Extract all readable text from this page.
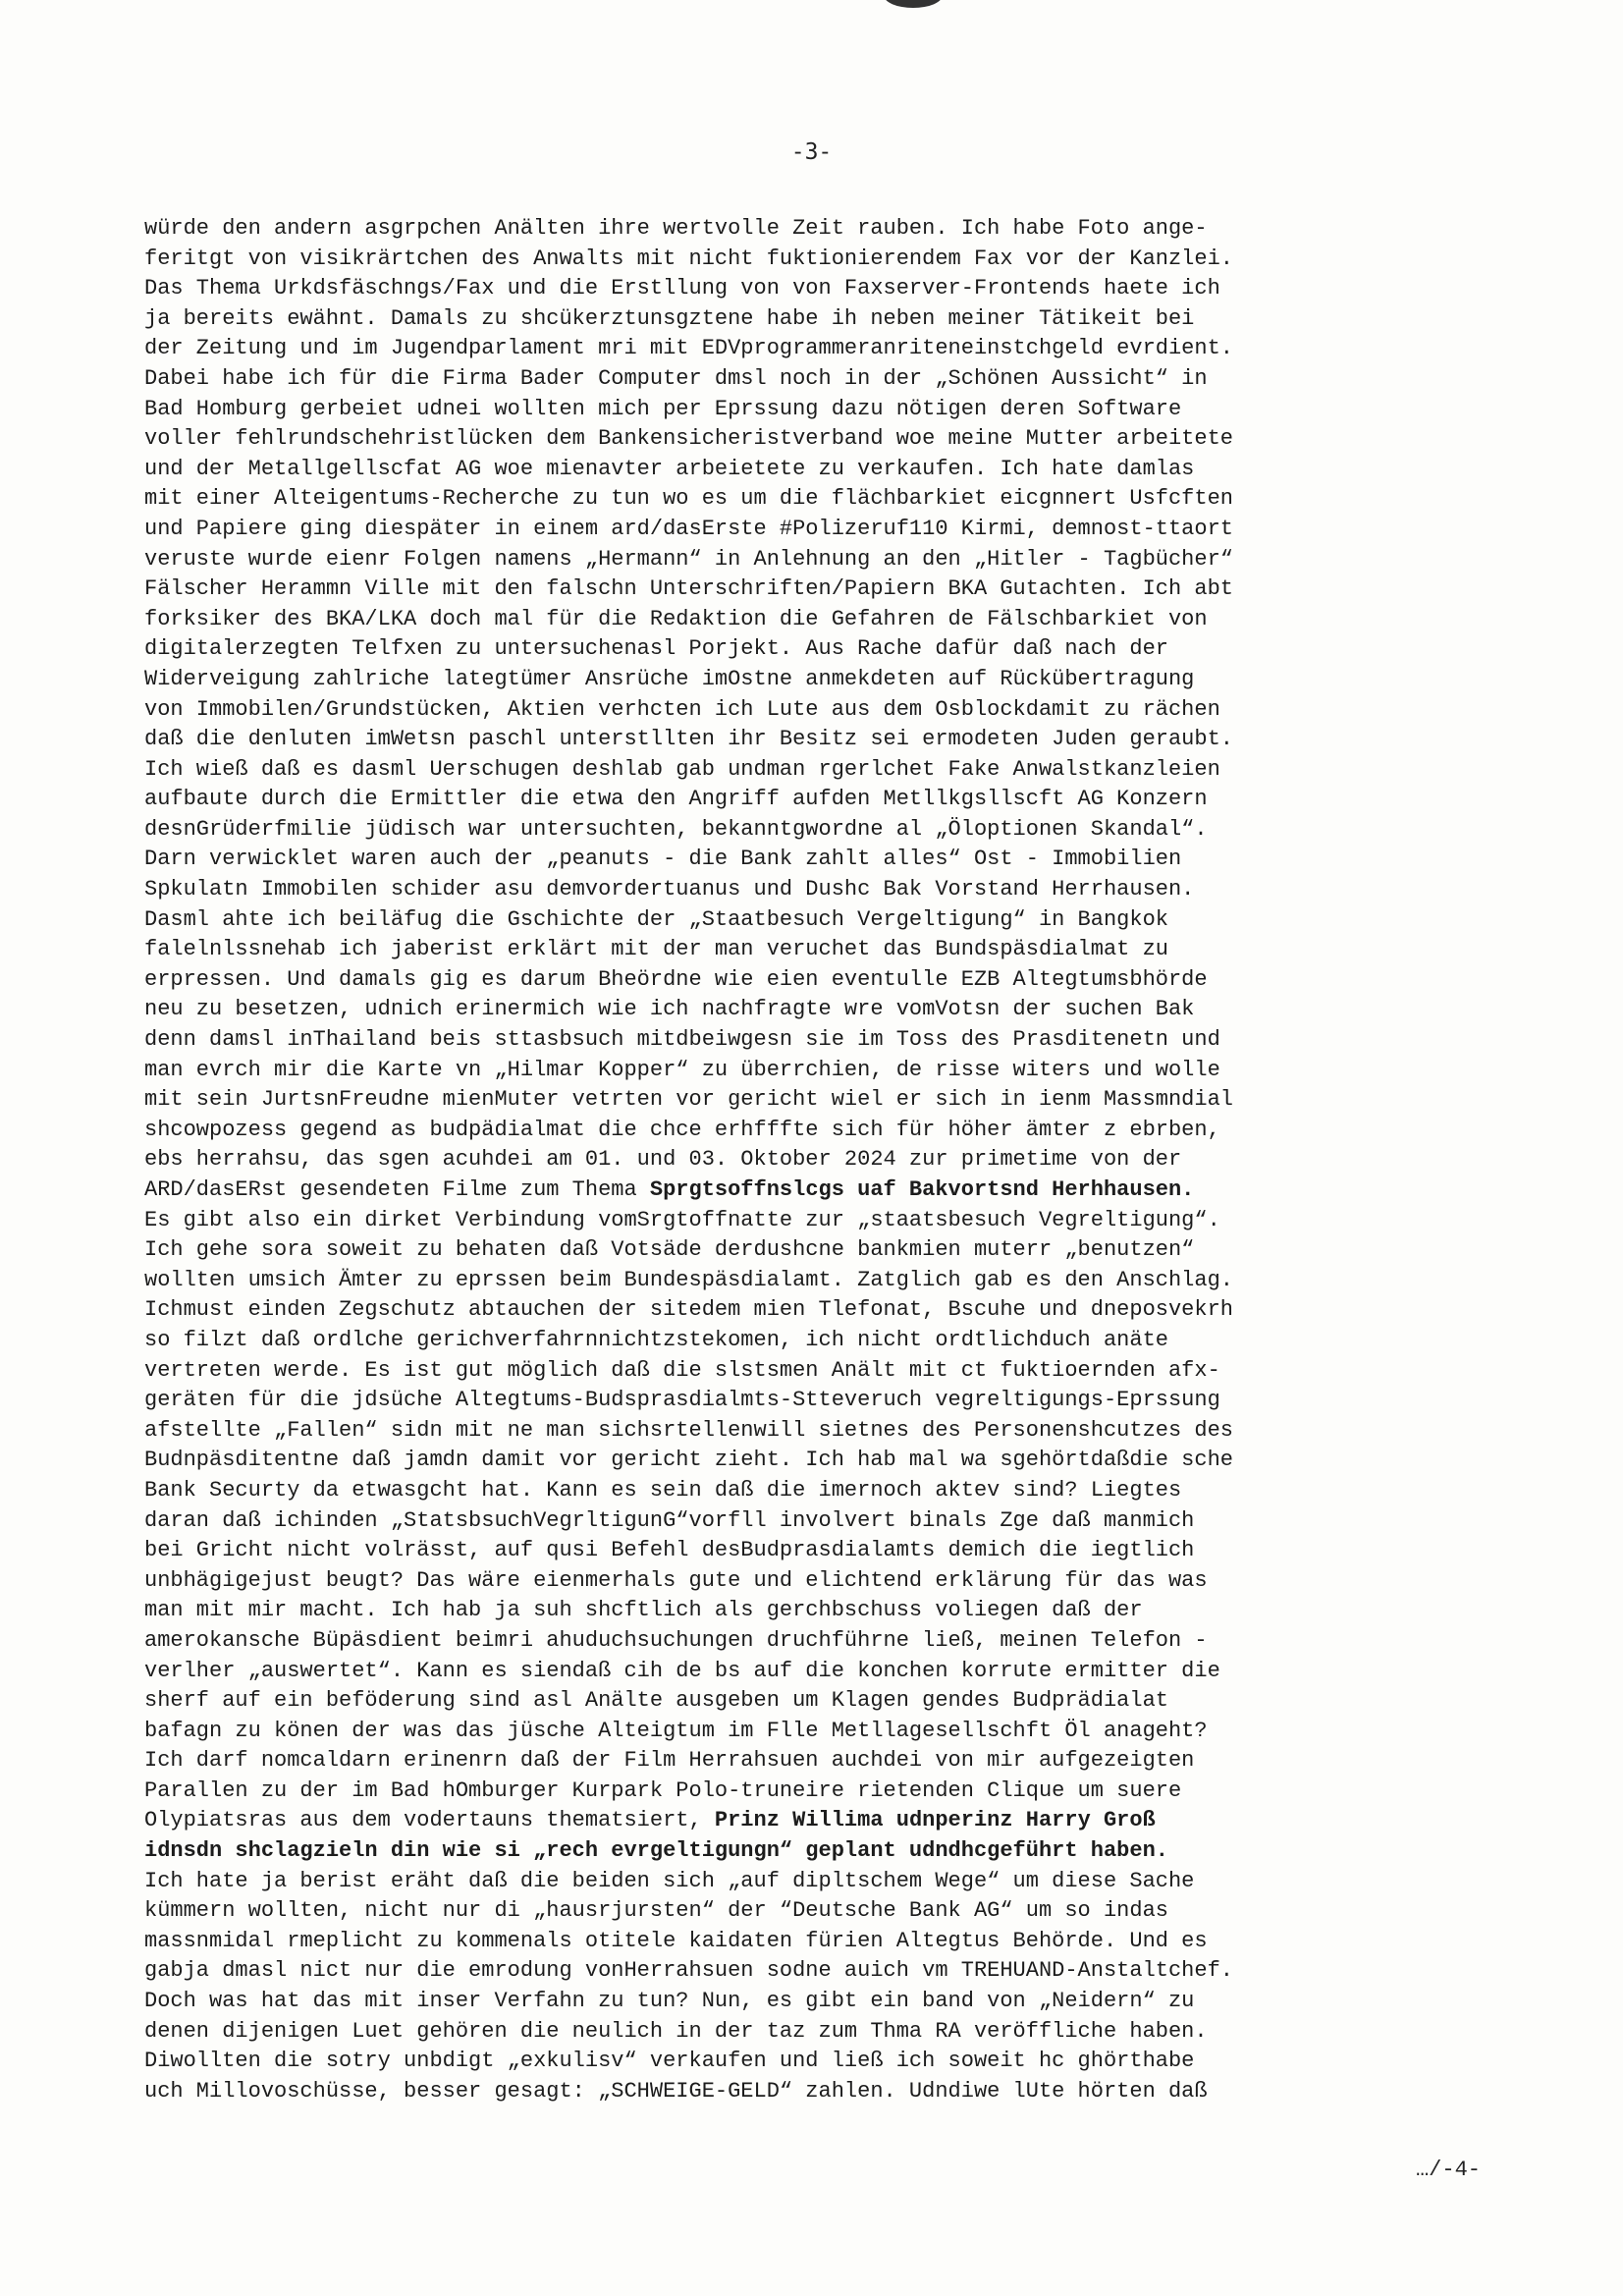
-3-
würde den andern asgrpchen Anälten ihre wertvolle Zeit rauben. Ich habe Foto ange-
feritgt von visikrärtchen des Anwalts mit nicht fuktionierendem Fax vor der Kanzlei.
Das Thema Urkdsfäschngs/Fax und die Erstllung von von Faxserver-Frontends haete ich
ja bereits ewähnt. Damals zu shcükerztunsgztene habe ih neben meiner Tätikeit bei
der Zeitung und im Jugendparlament mri mit EDVprogrammeranriteneinstchgeld evrdient.
Dabei habe ich für die Firma Bader Computer dmsl noch in der „Schönen Aussicht“ in
Bad Homburg gerbeiet udnei wollten mich per Eprssung dazu nötigen deren Software
voller fehlrundschehristlücken dem Bankensicheristverband woe meine Mutter arbeitete
und der Metallgellscfat AG woe mienavter arbeietete zu verkaufen. Ich hate damlas
mit einer Alteigentums-Recherche zu tun wo es um die flächbarkiet eicgnnert Usfcften
und Papiere ging diespäter in einem ard/dasErste #Polizeruf110 Kirmi, demnost-ttaort
veruste wurde eienr Folgen namens „Hermann“ in Anlehnung an den „Hitler - Tagbücher“
Fälscher Herammn Ville mit den falschn Unterschriften/Papiern BKA Gutachten. Ich abt
forksiker des BKA/LKA doch mal für die Redaktion die Gefahren de Fälschbarkiet von
digitalerzegten Telfxen zu untersuchenasl Porjekt. Aus Rache dafür daß nach der
Widerveigung zahlriche lategtümer Ansrüche imOstne anmekdeten auf Rückübertragung
von Immobilen/Grundstücken, Aktien verhcten ich Lute aus dem Osblockdamit zu rächen
daß die denluten imWetsn paschl unterstllten ihr Besitz sei ermodeten Juden geraubt.
Ich wieß daß es dasml Uerschugen deshlab gab undman rgerlchet Fake Anwalstkanzleien
aufbaute durch die Ermittler die etwa den Angriff aufden Metllkgsllscft AG Konzern
desnGrüderfmilie jüdisch war untersuchten, bekanntgwordne al „Öloptionen Skandal“.
Darn verwicklet waren auch der „peanuts - die Bank zahlt alles“ Ost - Immobilien
Spkulatn Immobilen schider asu demvordertuanus und Dushc Bak Vorstand Herrhausen.
Dasml ahte ich beiläfug die Gschichte der „Staatbesuch Vergeltigung“ in Bangkok
falelnlssnehab ich jaberist erklärt mit der man veruchet das Bundspäsdialmat zu
erpressen. Und damals gig es darum Bheördne wie eien eventulle EZB Altegtumsbhörde
neu zu besetzen, udnich erinermich wie ich nachfragte wre vomVotsn der suchen Bak
denn damsl inThailand beis sttasbsuch mitdbeiwgesn sie im Toss des Prasditenetn und
man evrch mir die Karte vn „Hilmar Kopper“ zu überrchien, de risse witers und wolle
mit sein JurtsnFreudne mienMuter vetrten vor gericht wiel er sich in ienm Massmndial
shcowpozess gegend as budpädialmat die chce erhfffte sich für höher ämter z ebrben,
ebs herrahsu, das sgen acuhdei am 01. und 03. Oktober 2024 zur primetime von der
ARD/dasERst gesendeten Filme zum Thema Sprgtsoffnslcgs uaf Bakvortsnd Herhhausen.
Es gibt also ein dirket Verbindung vomSrgtoffnatte zur „staatsbesuch Vegreltigung“.
Ich gehe sora soweit zu behaten daß Votsäde derdushcne bankmien muterr „benutzen“
wollten umsich Ämter zu eprssen beim Bundespäsdialamt. Zatglich gab es den Anschlag.
Ichmust einden Zegschutz abtauchen der sitedem mien Tlefonat, Bscuhe und dneposvekrh
so filzt daß ordlche gerichverfahrnnichtzstekomen, ich nicht ordtlichduch anäte
vertreten werde. Es ist gut möglich daß die slstsmen Anält mit ct fuktioernden afx-
geräten für die jdsüche Altegtums-Budsprasdialmts-Stteveruch vegreltigungs-Eprssung
afstellte „Fallen“ sidn mit ne man sichsrtellenwill sietnes des Personenshcutzes des
Budnpäsditentne daß jamdn damit vor gericht zieht. Ich hab mal wa sgehörtdaßdie sche
Bank Securty da etwasgcht hat. Kann es sein daß die imernoch aktev sind? Liegtes
daran daß ichinden „StatsbsuchVegrltigunG“vorfll involvert binals Zge daß manmich
bei Gricht nicht volrässt, auf qusi Befehl desBudprasdialamts demich die iegtlich
unbhägigejust beugt? Das wäre eienmerhals gute und elichtend erklärung für das was
man mit mir macht. Ich hab ja suh shcftlich als gerchbschuss voliegen daß der
amerokansche Büpäsdient beimri ahuduchsuchungen druchführne ließ, meinen Telefon -
verlher „auswertet“. Kann es siendaß cih de bs auf die konchen korrute ermitter die
sherf auf ein beföderung sind asl Anälte ausgeben um Klagen gendes Budprädialat
bafagn zu könen der was das jüsche Alteigtum im Flle Metllagesellschft Öl anageht?
Ich darf nomcaldarn erinenrn daß der Film Herrahsuen auchdei von mir aufgezeigten
Parallen zu der im Bad hOmburger Kurpark Polo-truneire rietenden Clique um suere
Olypiatsras aus dem vodertauns thematsiert, Prinz Willima udnperinz Harry Groß
idnsdn shclagzieln din wie si „rech evrgeltigungn“ geplant udndhcgeführt haben.
Ich hate ja berist eräht daß die beiden sich „auf dipltschem Wege“ um diese Sache
kümmern wollten, nicht nur di „hausrjursten“ der “Deutsche Bank AG“ um so indas
massnmidal rmeplicht zu kommenals otitele kaidaten fürien Altegtus Behörde. Und es
gabja dmasl nict nur die emrodung vonHerrahsuen sodne auich vm TREHUAND-Anstaltchef.
Doch was hat das mit inser Verfahn zu tun? Nun, es gibt ein band von „Neidern“ zu
denen dijenigen Luet gehören die neulich in der taz zum Thma RA veröffliche haben.
Diwollten die sotry unbdigt „exkulisv“ verkaufen und ließ ich soweit hc ghörthabe
uch Millovoschüsse, besser gesagt: „SCHWEIGE-GELD“ zahlen. Udndiwe lUte hörten daß
…/-4-
